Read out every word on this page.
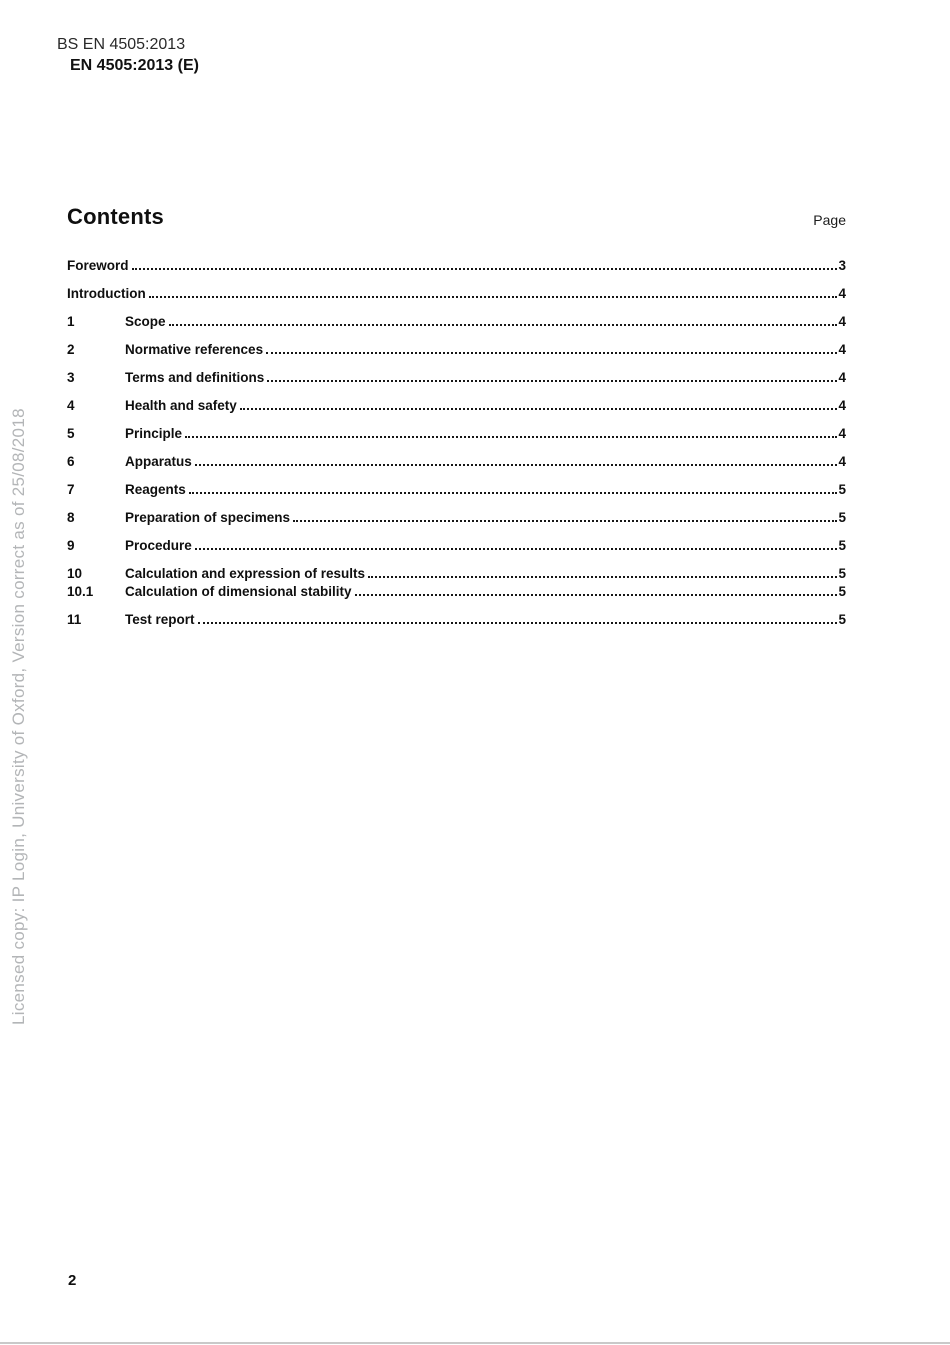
BS EN 4505:2013
EN 4505:2013 (E)
Contents	Page
Foreword	3
Introduction	4
1	Scope	4
2	Normative references	4
3	Terms and definitions	4
4	Health and safety	4
5	Principle	4
6	Apparatus	4
7	Reagents	5
8	Preparation of specimens	5
9	Procedure	5
10	Calculation and expression of results	5
10.1	Calculation of dimensional stability	5
11	Test report	5
Licensed copy: IP Login, University of Oxford, Version correct as of 25/08/2018
2
